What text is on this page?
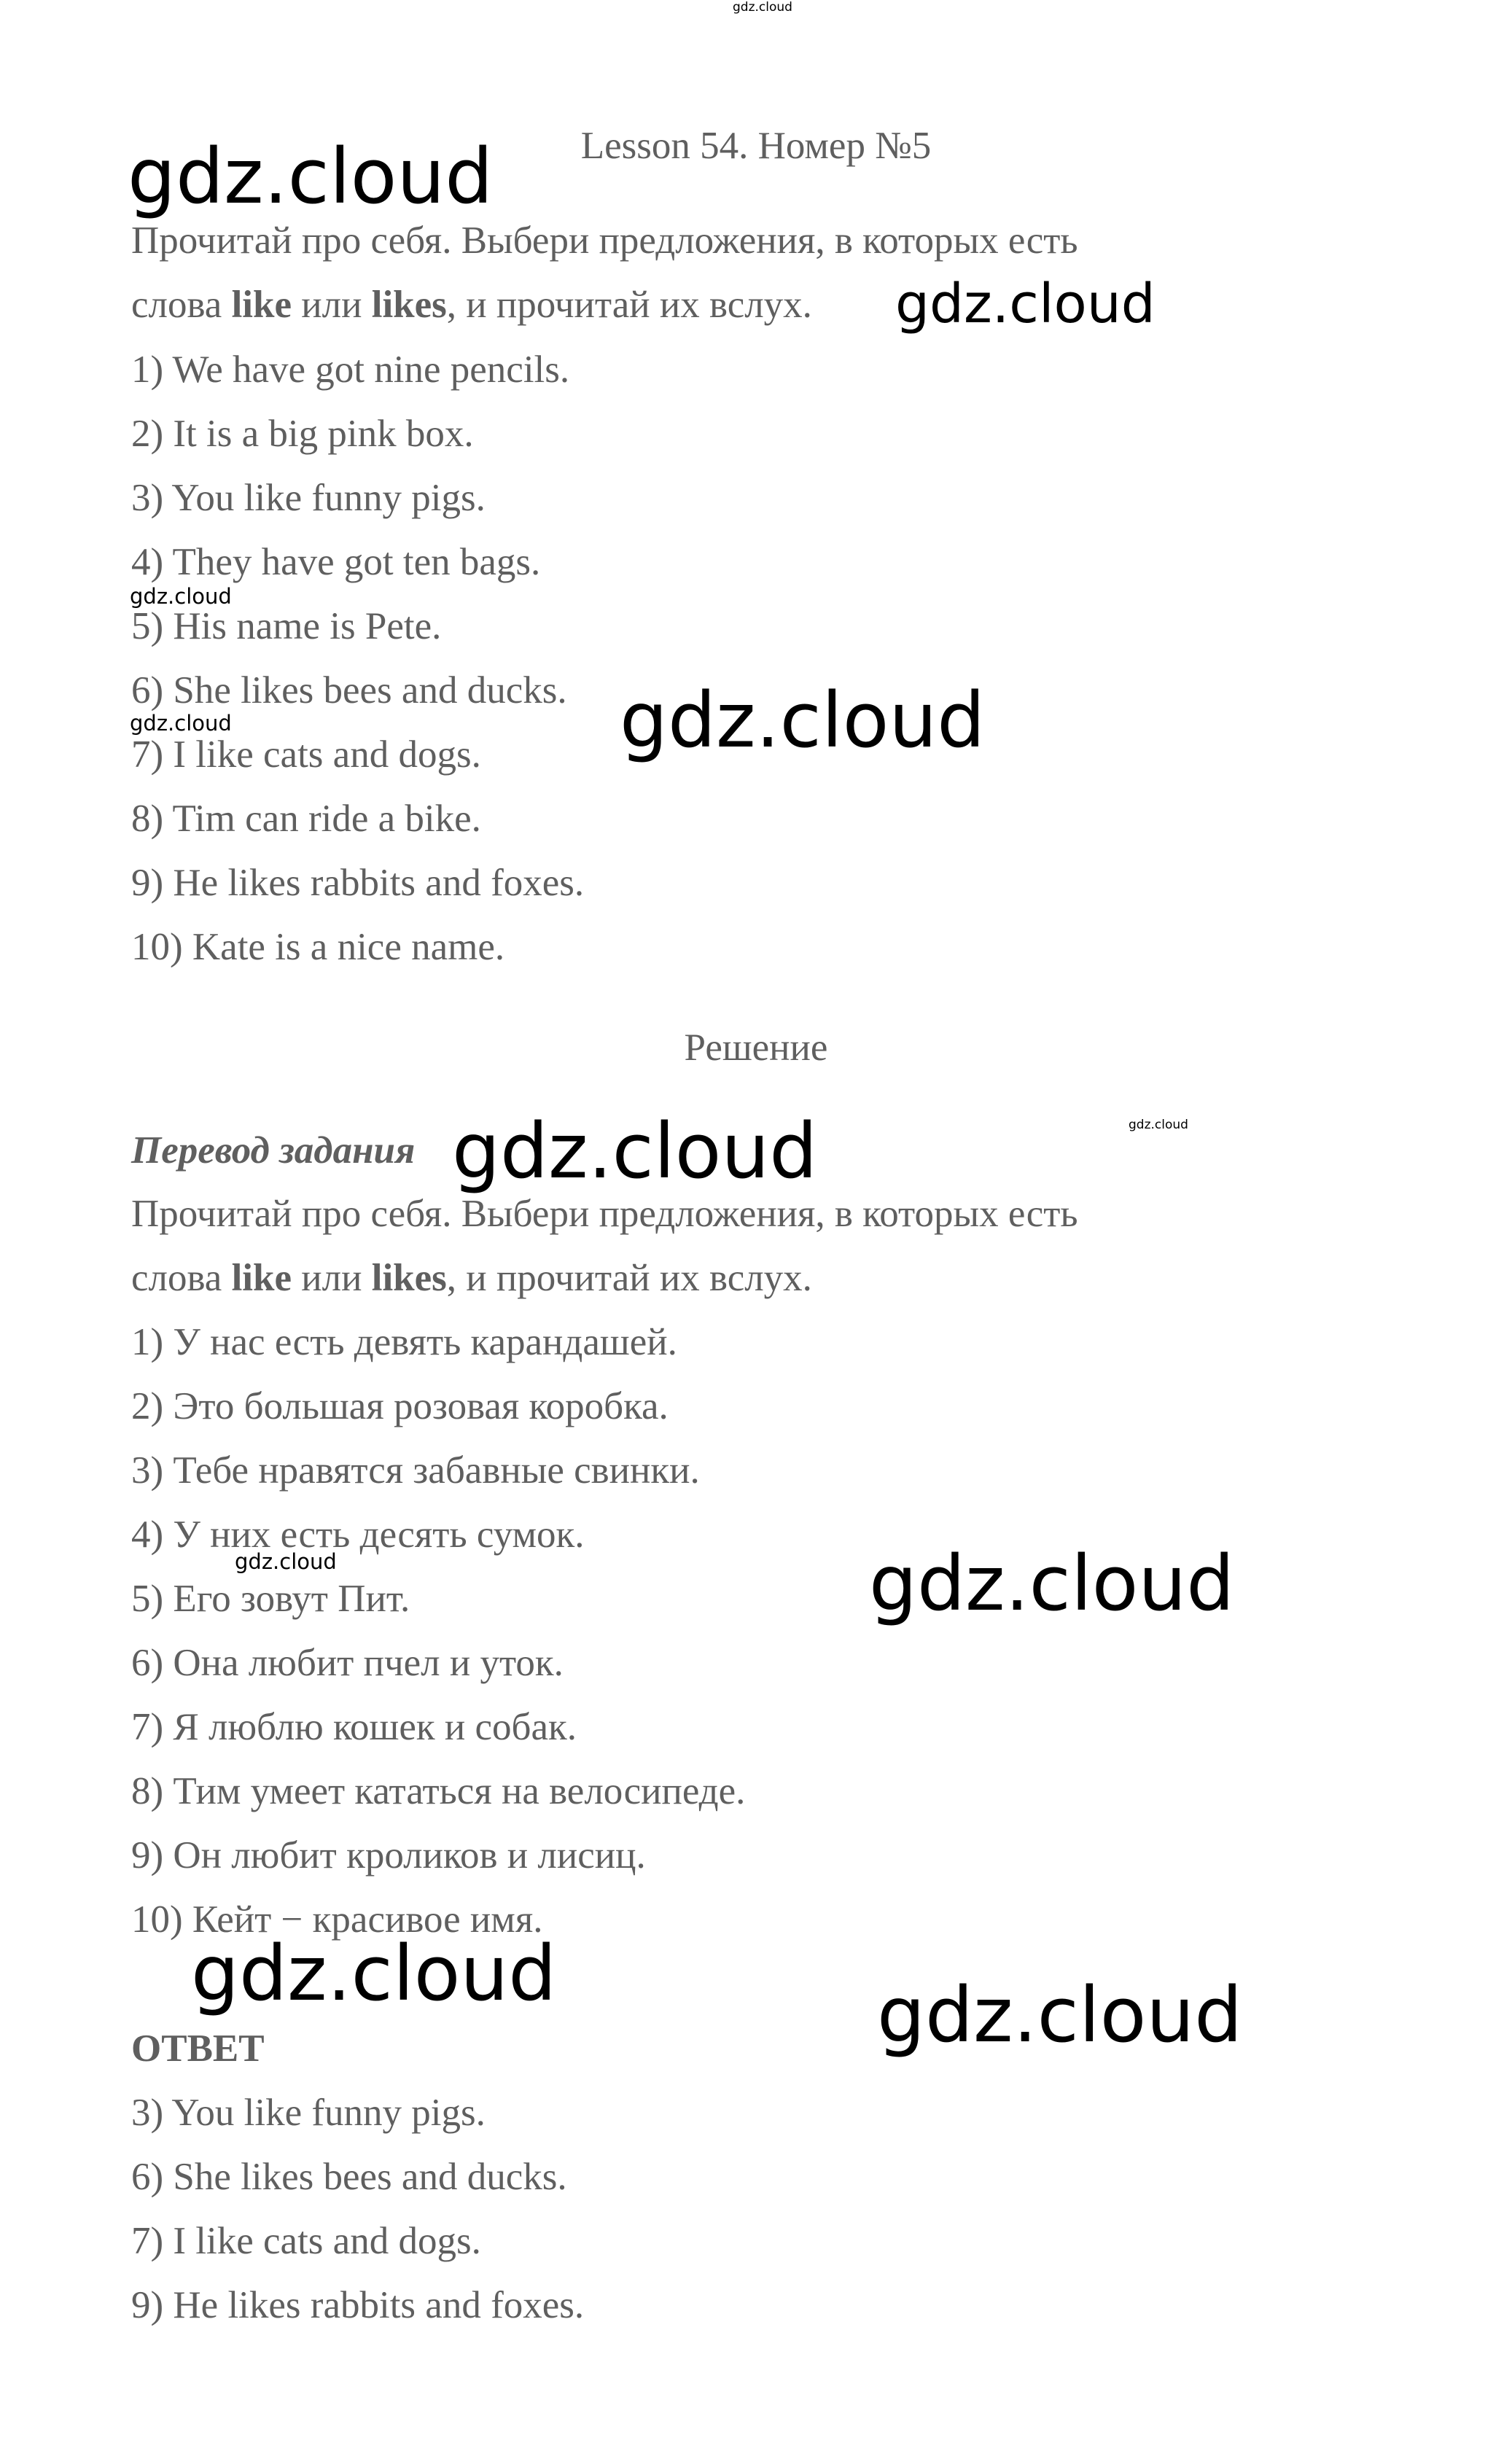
Lesson 54. Номер №5
Прочитай про себя. Выбери предложения, в которых есть
слова like или likes, и прочитай их вслух.
1) We have got nine pencils.
2) It is a big pink box.
3) You like funny pigs.
4) They have got ten bags.
5) His name is Pete.
6) She likes bees and ducks.
7) I like cats and dogs.
8) Tim can ride a bike.
9) He likes rabbits and foxes.
10) Kate is a nice name.
Решение
Перевод задания
Прочитай про себя. Выбери предложения, в которых есть
слова like или likes, и прочитай их вслух.
1) У нас есть девять карандашей.
2) Это большая розовая коробка.
3) Тебе нравятся забавные свинки.
4) У них есть десять сумок.
5) Его зовут Пит.
6) Она любит пчел и уток.
7) Я люблю кошек и собак.
8) Тим умеет кататься на велосипеде.
9) Он любит кроликов и лисиц.
10) Кейт − красивое имя.
ОТВЕТ
3) You like funny pigs.
6) She likes bees and ducks.
7) I like cats and dogs.
9) He likes rabbits and foxes.
gdz.cloud
gdz.cloud
gdz.cloud
gdz.cloud
gdz.cloud	gdz.cloud
gdz.cloud	gdz.cloud
gdz.cloud	gdz.cloud
gdz.cloud	gdz.cloud
